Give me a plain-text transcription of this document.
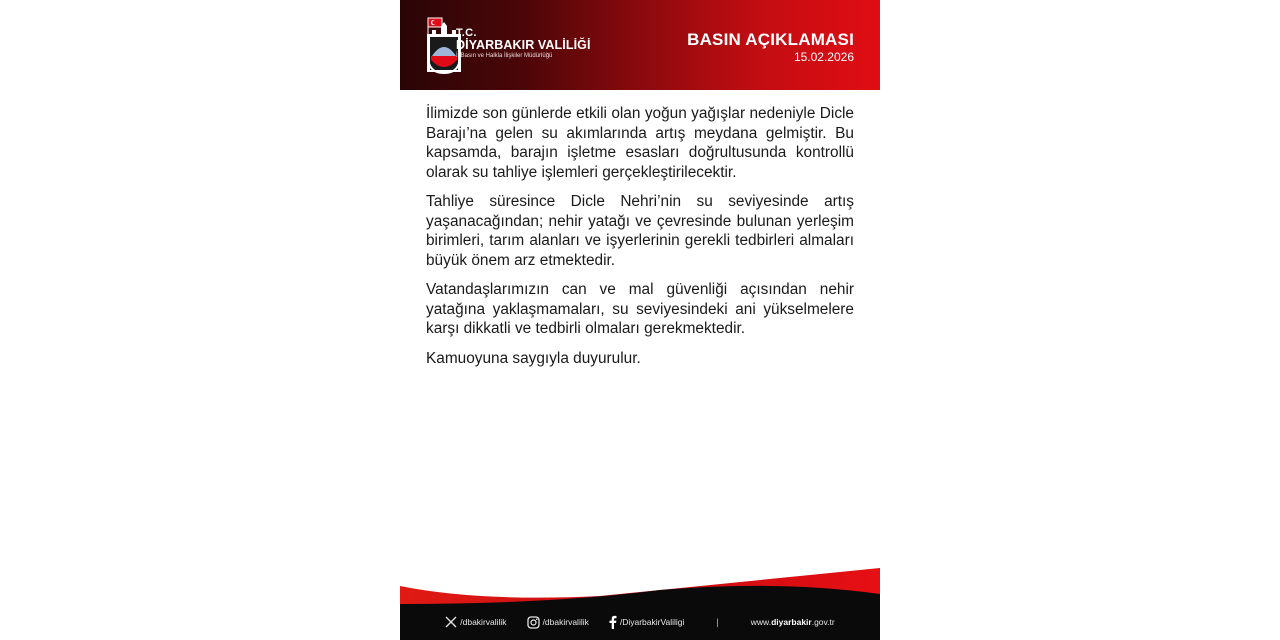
T.C.
DİYARBAKIR VALİLİĞİ
İl Basın ve Halkla İlişkiler Müdürlüğü
BASIN AÇIKLAMASI
15.02.2026

İlimizde son günlerde etkili olan yoğun yağışlar nedeniyle Dicle Barajı’na gelen su akımlarında artış meydana gelmiştir. Bu kapsamda, barajın işletme esasları doğrultusunda kontrollü olarak su tahliye işlemleri gerçekleştirilecektir.

Tahliye süresince Dicle Nehri’nin su seviyesinde artış yaşanacağından; nehir yatağı ve çevresinde bulunan yerleşim birimleri, tarım alanları ve işyerlerinin gerekli tedbirleri almaları büyük önem arz etmektedir.

Vatandaşlarımızın can ve mal güvenliği açısından nehir yatağına yaklaşmamaları, su seviyesindeki ani yükselmelere karşı dikkatli ve tedbirli olmaları gerekmektedir.

Kamuoyuna saygıyla duyurulur.

/dbakirvalilik	/dbakirvalilik	/DiyarbakirValiligi	|	www. diyarbakir .gov.tr
